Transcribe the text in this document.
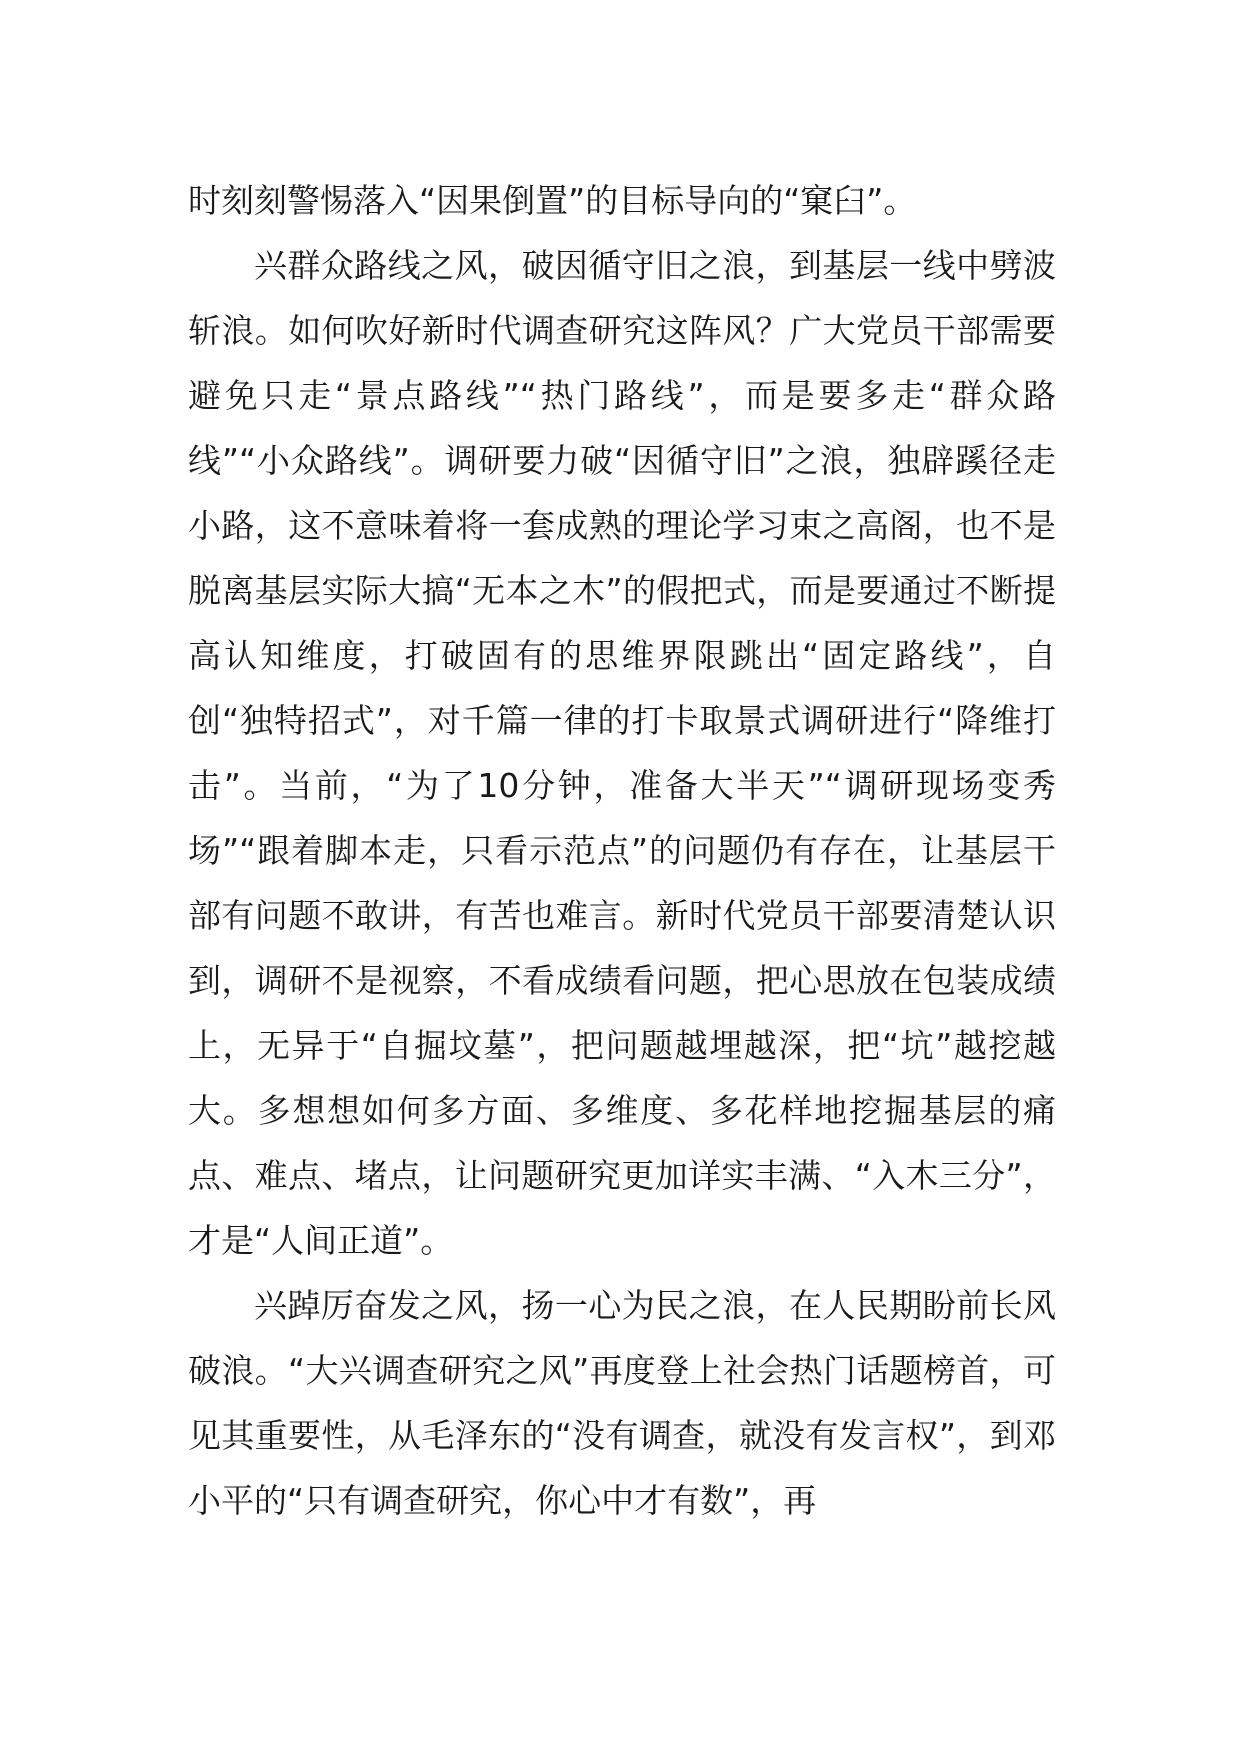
时刻刻警惕落入“因果倒置”的目标导向的“窠臼”。

兴群众路线之风，破因循守旧之浪，到基层一线中劈波斩浪。如何吹好新时代调查研究这阵风？广大党员干部需要避免只走“景点路线”“热门路线”，而是要多走“群众路线”“小众路线”。调研要力破“因循守旧”之浪，独辟蹊径走小路，这不意味着将一套成熟的理论学习束之高阁，也不是脱离基层实际大搞“无本之木”的假把式，而是要通过不断提高认知维度，打破固有的思维界限跳出“固定路线”，自创“独特招式”，对千篇一律的打卡取景式调研进行“降维打击”。当前，“为了10分钟，准备大半天”“调研现场变秀场”“跟着脚本走，只看示范点”的问题仍有存在，让基层干部有问题不敢讲，有苦也难言。新时代党员干部要清楚认识到，调研不是视察，不看成绩看问题，把心思放在包装成绩上，无异于“自掘坟墓”，把问题越埋越深，把“坑”越挖越大。多想想如何多方面、多维度、多花样地挖掘基层的痛点、难点、堵点，让问题研究更加详实丰满、“入木三分”，才是“人间正道”。

兴踔厉奋发之风，扬一心为民之浪，在人民期盼前长风破浪。“大兴调查研究之风”再度登上社会热门话题榜首，可见其重要性，从毛泽东的“没有调查，就没有发言权”，到邓小平的“只有调查研究，你心中才有数”，再
